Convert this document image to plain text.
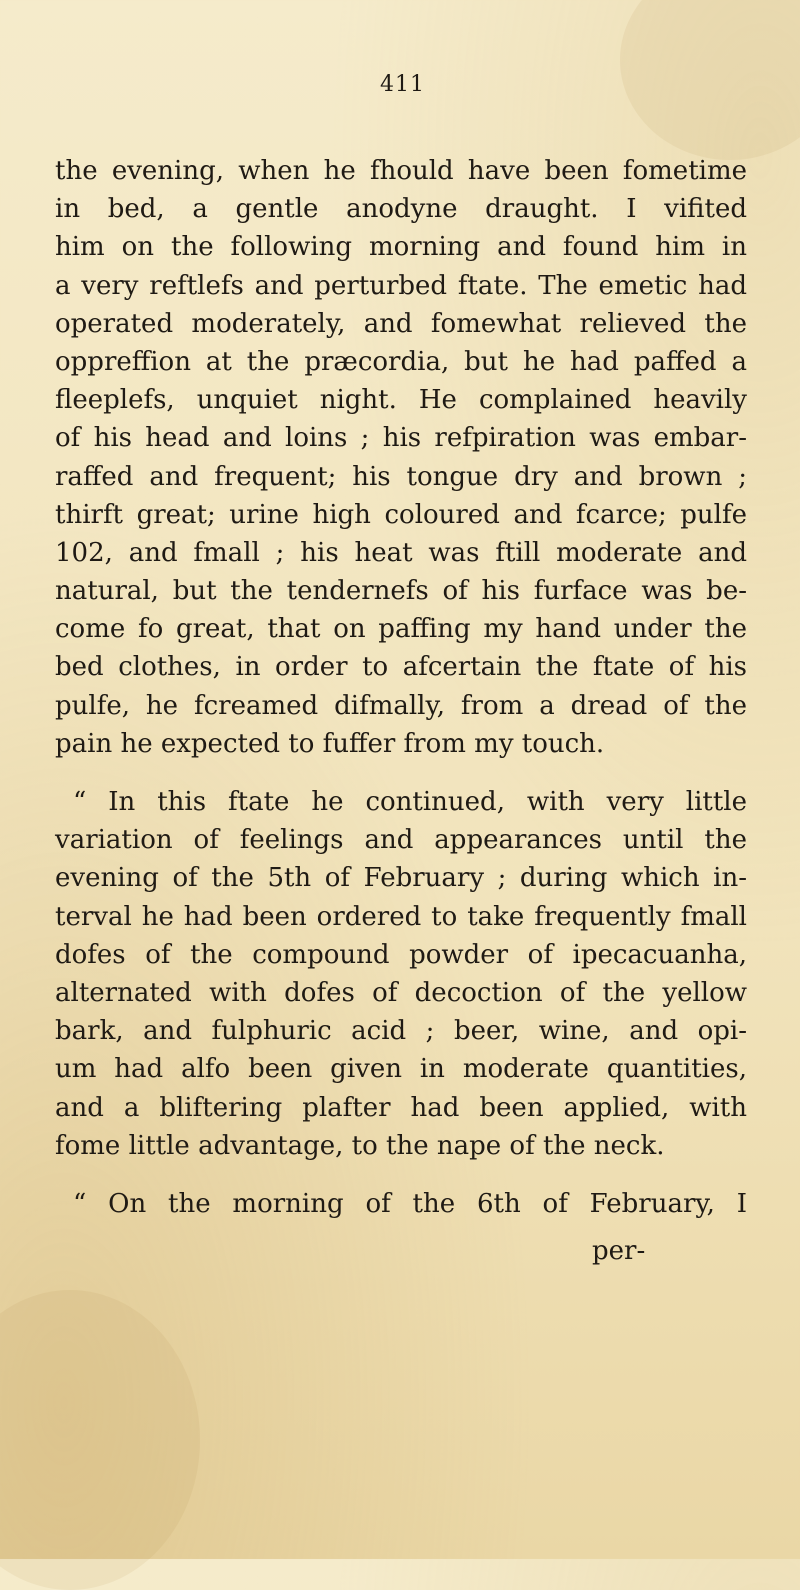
411
the evening, when he fhould have been fometime
in bed, a gentle anodyne draught. I vifited
him on the following morning and found him in
a very reftlefs and perturbed ftate. The emetic had
operated moderately, and fomewhat relieved the
oppreffion at the præcordia, but he had paffed a
fleeplefs, unquiet night. He complained heavily
of his head and loins ; his refpiration was embar-
raffed and frequent; his tongue dry and brown ;
thirft great; urine high coloured and fcarce; pulfe
102, and fmall ; his heat was ftill moderate and
natural, but the tendernefs of his furface was be-
come fo great, that on paffing my hand under the
bed clothes, in order to afcertain the ftate of his
pulfe, he fcreamed difmally, from a dread of the
pain he expected to fuffer from my touch.
“ In this ftate he continued, with very little
variation of feelings and appearances until the
evening of the 5th of February ; during which in-
terval he had been ordered to take frequently fmall
dofes of the compound powder of ipecacuanha,
alternated with dofes of decoction of the yellow
bark, and fulphuric acid ; beer, wine, and opi-
um had alfo been given in moderate quantities,
and a bliftering plafter had been applied, with
fome little advantage, to the nape of the neck.
“ On the morning of the 6th of February, I
per-
